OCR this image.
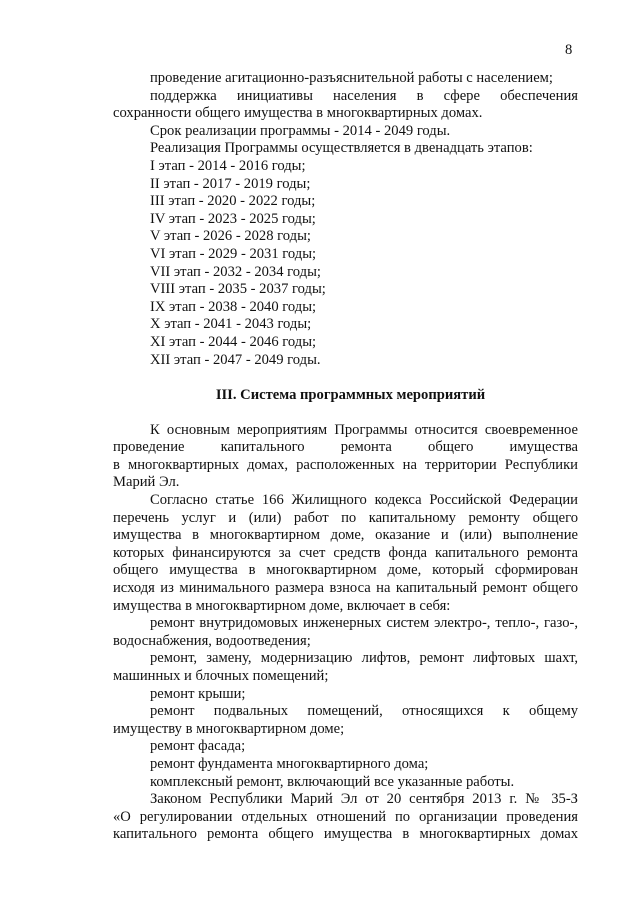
8
проведение агитационно-разъяснительной работы с населением;
поддержка инициативы населения в сфере обеспечения
сохранности общего имущества в многоквартирных домах.
Срок реализации программы - 2014 - 2049 годы.
Реализация Программы осуществляется в двенадцать этапов:
I этап - 2014 - 2016 годы;
II этап - 2017 - 2019 годы;
III этап - 2020 - 2022 годы;
IV этап - 2023 - 2025 годы;
V этап - 2026 - 2028 годы;
VI этап - 2029 - 2031 годы;
VII этап - 2032 - 2034 годы;
VIII этап - 2035 - 2037 годы;
IX этап - 2038 - 2040 годы;
X этап - 2041 - 2043 годы;
XI этап - 2044 - 2046 годы;
XII этап - 2047 - 2049 годы.
III. Система программных мероприятий
К основным мероприятиям Программы относится своевременное
проведение капитального ремонта общего имущества
в многоквартирных домах, расположенных на территории Республики
Марий Эл.
Согласно статье 166 Жилищного кодекса Российской Федерации
перечень услуг и (или) работ по капитальному ремонту общего
имущества в многоквартирном доме, оказание и (или) выполнение
которых финансируются за счет средств фонда капитального ремонта
общего имущества в многоквартирном доме, который сформирован
исходя из минимального размера взноса на капитальный ремонт общего
имущества в многоквартирном доме, включает в себя:
ремонт внутридомовых инженерных систем электро-, тепло-, газо-,
водоснабжения, водоотведения;
ремонт, замену, модернизацию лифтов, ремонт лифтовых шахт,
машинных и блочных помещений;
ремонт крыши;
ремонт подвальных помещений, относящихся к общему
имуществу в многоквартирном доме;
ремонт фасада;
ремонт фундамента многоквартирного дома;
комплексный ремонт, включающий все указанные работы.
Законом Республики Марий Эл от 20 сентября 2013 г. № 35-З
«О регулировании отдельных отношений по организации проведения
капитального ремонта общего имущества в многоквартирных домах
